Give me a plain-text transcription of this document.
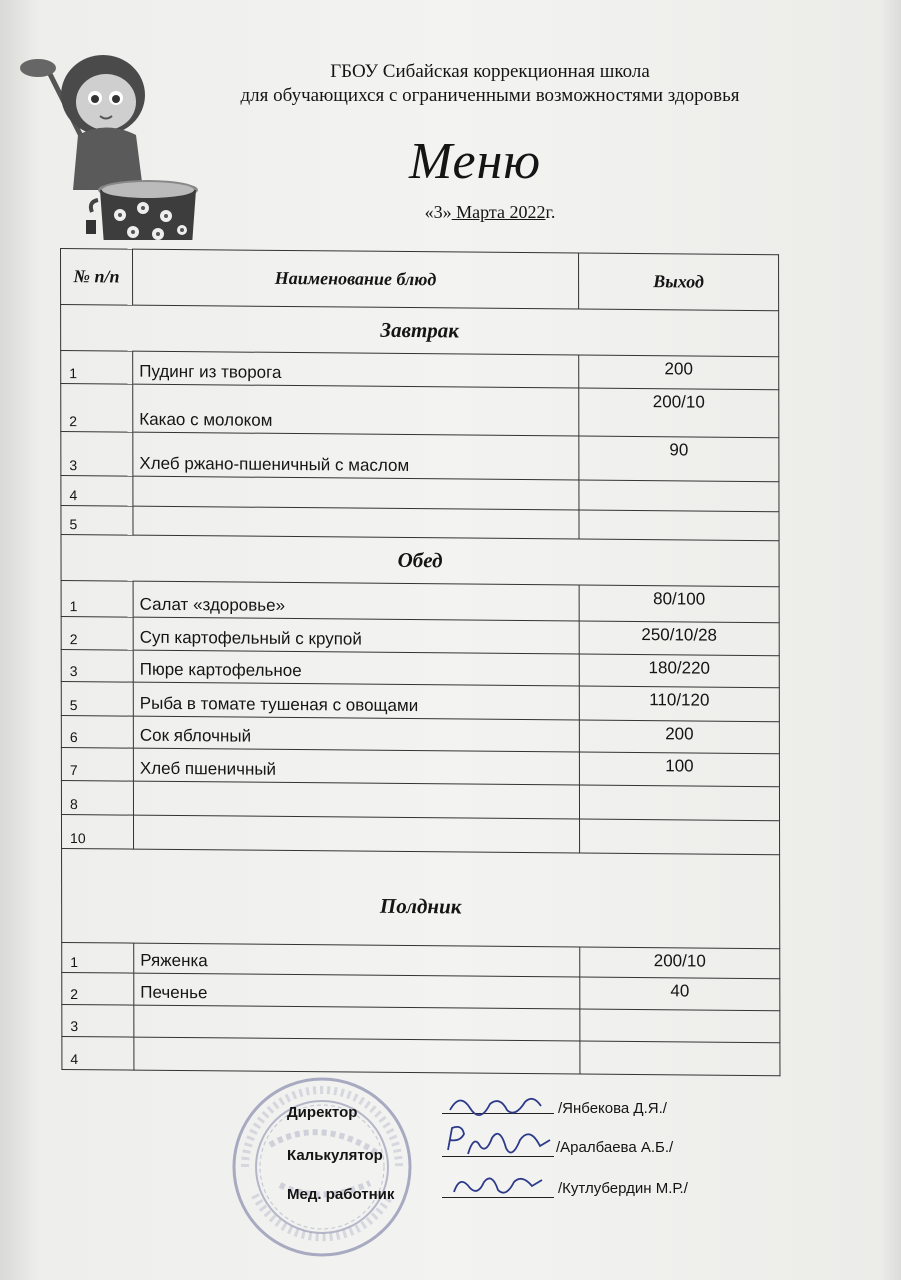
ГБОУ Сибайская коррекционная школа
для обучающихся с ограниченными возможностями здоровья
Меню
«3» Марта 2022г.
№ п/п	Наименование блюд	Выход
Завтрак		
1	Пудинг из творога	200
2	Какао с молоком	200/10
3	Хлеб ржано-пшеничный с маслом	90
4		
5		
Обед		
1	Салат «здоровье»	80/100
2	Суп картофельный с крупой	250/10/28
3	Пюре картофельное	180/220
5	Рыба в томате тушеная с овощами	110/120
6	Сок яблочный	200
7	Хлеб пшеничный	100
8		
10		
Полдник		
1	Ряженка	200/10
2	Печенье	40
3		
4		
Директор	/Янбекова Д.Я./
Калькулятор	/Аралбаева А.Б./
Мед. работник	/Кутлубердин М.Р./
